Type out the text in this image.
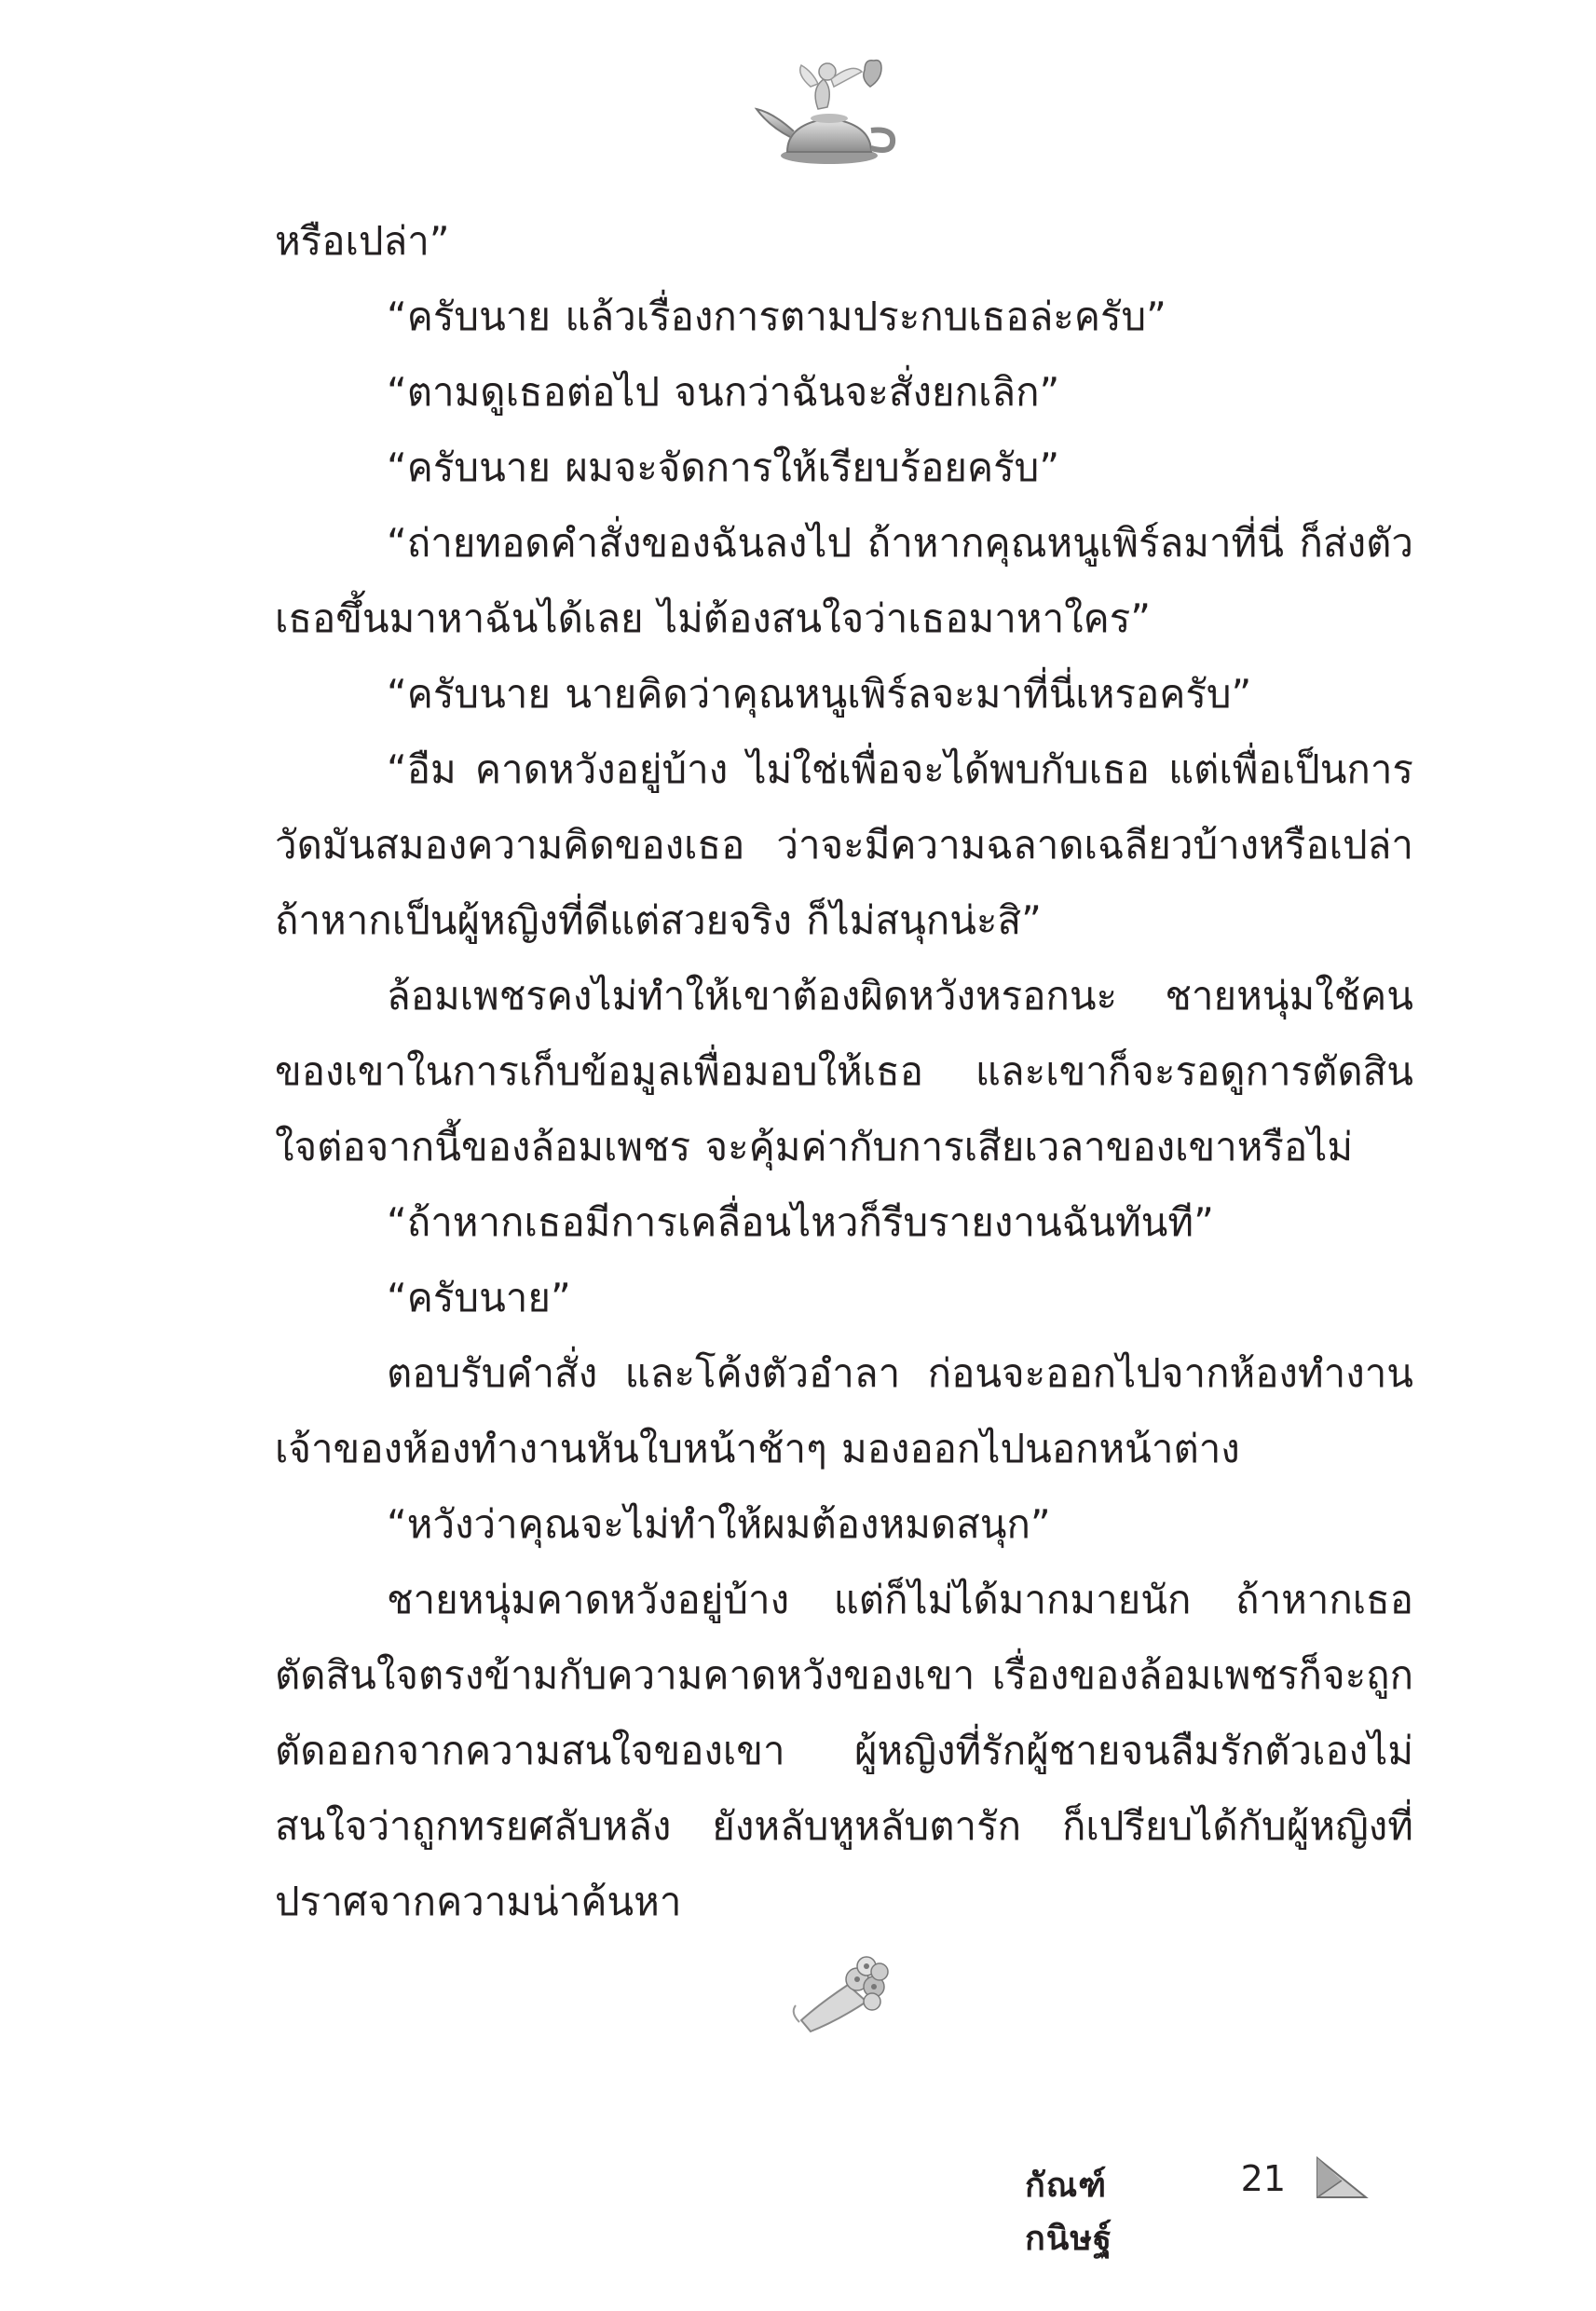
หรือเปล่า”

“ครับนาย แล้วเรื่องการตามประกบเธอล่ะครับ”

“ตามดูเธอต่อไป จนกว่าฉันจะสั่งยกเลิก”

“ครับนาย ผมจะจัดการให้เรียบร้อยครับ”

“ถ่ายทอดคำสั่งของฉันลงไป ถ้าหากคุณหนูเพิร์ลมาที่นี่ ก็ส่งตัวเธอขึ้นมาหาฉันได้เลย ไม่ต้องสนใจว่าเธอมาหาใคร”

“ครับนาย นายคิดว่าคุณหนูเพิร์ลจะมาที่นี่เหรอครับ”

“อืม คาดหวังอยู่บ้าง ไม่ใช่เพื่อจะได้พบกับเธอ แต่เพื่อเป็นการวัดมันสมองความคิดของเธอ ว่าจะมีความฉลาดเฉลียวบ้างหรือเปล่า ถ้าหากเป็นผู้หญิงที่ดีแต่สวยจริง ก็ไม่สนุกน่ะสิ”

ล้อมเพชรคงไม่ทำให้เขาต้องผิดหวังหรอกนะ ชายหนุ่มใช้คนของเขาในการเก็บข้อมูลเพื่อมอบให้เธอ และเขาก็จะรอดูการตัดสินใจต่อจากนี้ของล้อมเพชร จะคุ้มค่ากับการเสียเวลาของเขาหรือไม่

“ถ้าหากเธอมีการเคลื่อนไหวก็รีบรายงานฉันทันที”

“ครับนาย”

ตอบรับคำสั่ง และโค้งตัวอำลา ก่อนจะออกไปจากห้องทำงานเจ้าของห้องทำงานหันใบหน้าช้าๆ มองออกไปนอกหน้าต่าง

“หวังว่าคุณจะไม่ทำให้ผมต้องหมดสนุก”

ชายหนุ่มคาดหวังอยู่บ้าง แต่ก็ไม่ได้มากมายนัก ถ้าหากเธอตัดสินใจตรงข้ามกับความคาดหวังของเขา เรื่องของล้อมเพชรก็จะถูกตัดออกจากความสนใจของเขา ผู้หญิงที่รักผู้ชายจนลืมรักตัวเองไม่สนใจว่าถูกทรยศลับหลัง ยังหลับหูหลับตารัก ก็เปรียบได้กับผู้หญิงที่ปราศจากความน่าค้นหา

กัณฑ์กนิษฐ์
21
